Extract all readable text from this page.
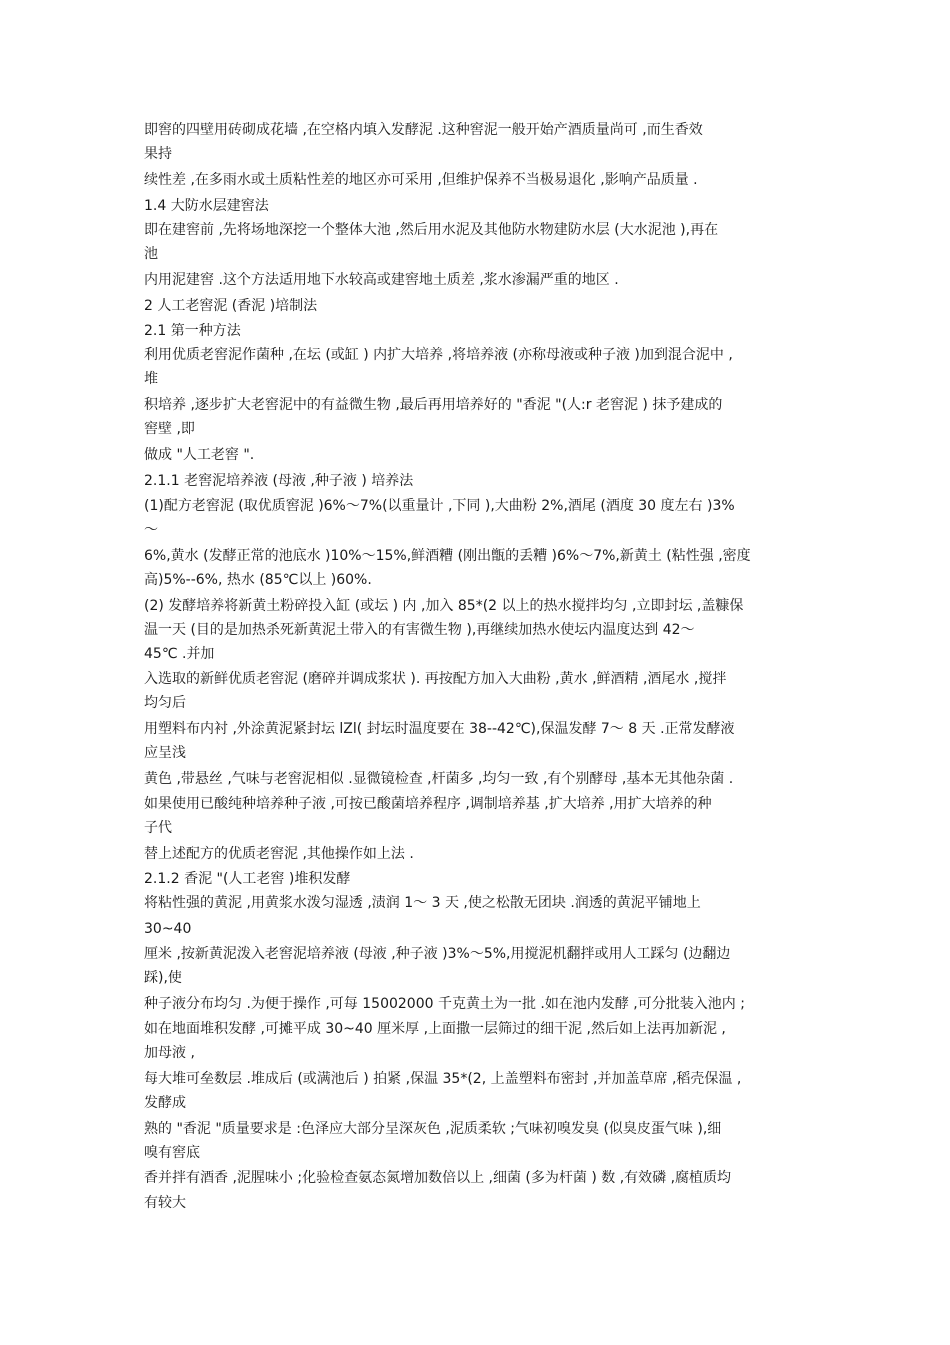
即窖的四壁用砖砌成花墙 ,在空格内填入发酵泥 .这种窖泥一般开始产酒质量尚可 ,而生香效
果持
续性差 ,在多雨水或土质粘性差的地区亦可采用 ,但维护保养不当极易退化 ,影响产品质量 .
1.4 大防水层建窖法
即在建窖前 ,先将场地深挖一个整体大池 ,然后用水泥及其他防水物建防水层 (大水泥池 ),再在
池
内用泥建窖 .这个方法适用地下水较高或建窖地土质差 ,浆水渗漏严重的地区 .
2 人工老窖泥 (香泥 )培制法
2.1 第一种方法
利用优质老窖泥作菌种 ,在坛 (或缸 ) 内扩大培养 ,将培养液 (亦称母液或种子液 )加到混合泥中 ,
堆
积培养 ,逐步扩大老窖泥中的有益微生物 ,最后再用培养好的 "香泥 "(人:r 老窖泥 ) 抹予建成的
窖壁 ,即
做成 "人工老窖 ".
2.1.1 老窖泥培养液 (母液 ,种子液 ) 培养法
(1)配方老窖泥 (取优质窖泥 )6%～7%(以重量计 ,下同 ),大曲粉 2%,酒尾 (酒度 30 度左右 )3%
～
6%,黄水 (发酵正常的池底水 )10%～15%,鲜酒糟 (刚出甑的丢糟 )6%～7%,新黄土 (粘性强 ,密度
高)5%--6%, 热水 (85℃以上 )60%.
(2) 发酵培养将新黄土粉碎投入缸 (或坛 ) 内 ,加入 85*(2 以上的热水搅拌均匀 ,立即封坛 ,盖糠保
温一天 (目的是加热杀死新黄泥土带入的有害微生物 ),再继续加热水使坛内温度达到 42～
45℃ .并加
入选取的新鲜优质老窖泥 (磨碎并调成浆状 ). 再按配方加入大曲粉 ,黄水 ,鲜酒精 ,酒尾水 ,搅拌
均匀后
用塑料布内衬 ,外涂黄泥紧封坛 lZl( 封坛时温度要在 38--42℃),保温发酵 7～ 8 天 .正常发酵液
应呈浅
黄色 ,带悬丝 ,气味与老窖泥相似 .显微镜检查 ,杆菌多 ,均匀一致 ,有个别酵母 ,基本无其他杂菌 .
如果使用已酸纯种培养种子液 ,可按已酸菌培养程序 ,调制培养基 ,扩大培养 ,用扩大培养的种
子代
替上述配方的优质老窖泥 ,其他操作如上法 .
2.1.2 香泥 "(人工老窖 )堆积发酵
将粘性强的黄泥 ,用黄浆水泼匀湿透 ,渍润 1～ 3 天 ,使之松散无团块 .润透的黄泥平铺地上
30~40
厘米 ,按新黄泥泼入老窖泥培养液 (母液 ,种子液 )3%～5%,用搅泥机翻拌或用人工踩匀 (边翻边
踩),使
种子液分布均匀 .为便于操作 ,可每 15002000 千克黄土为一批 .如在池内发酵 ,可分批装入池内 ;
如在地面堆积发酵 ,可摊平成 30~40 厘米厚 ,上面撒一层筛过的细干泥 ,然后如上法再加新泥 ,
加母液 ,
每大堆可垒数层 .堆成后 (或满池后 ) 拍紧 ,保温 35*(2, 上盖塑料布密封 ,并加盖草席 ,稻壳保温 ,
发酵成
熟的 "香泥 "质量要求是 :色泽应大部分呈深灰色 ,泥质柔软 ;气味初嗅发臭 (似臭皮蛋气味 ),细
嗅有窖底
香并拌有酒香 ,泥腥味小 ;化验检查氨态氮增加数倍以上 ,细菌 (多为杆菌 ) 数 ,有效磷 ,腐植质均
有较大
